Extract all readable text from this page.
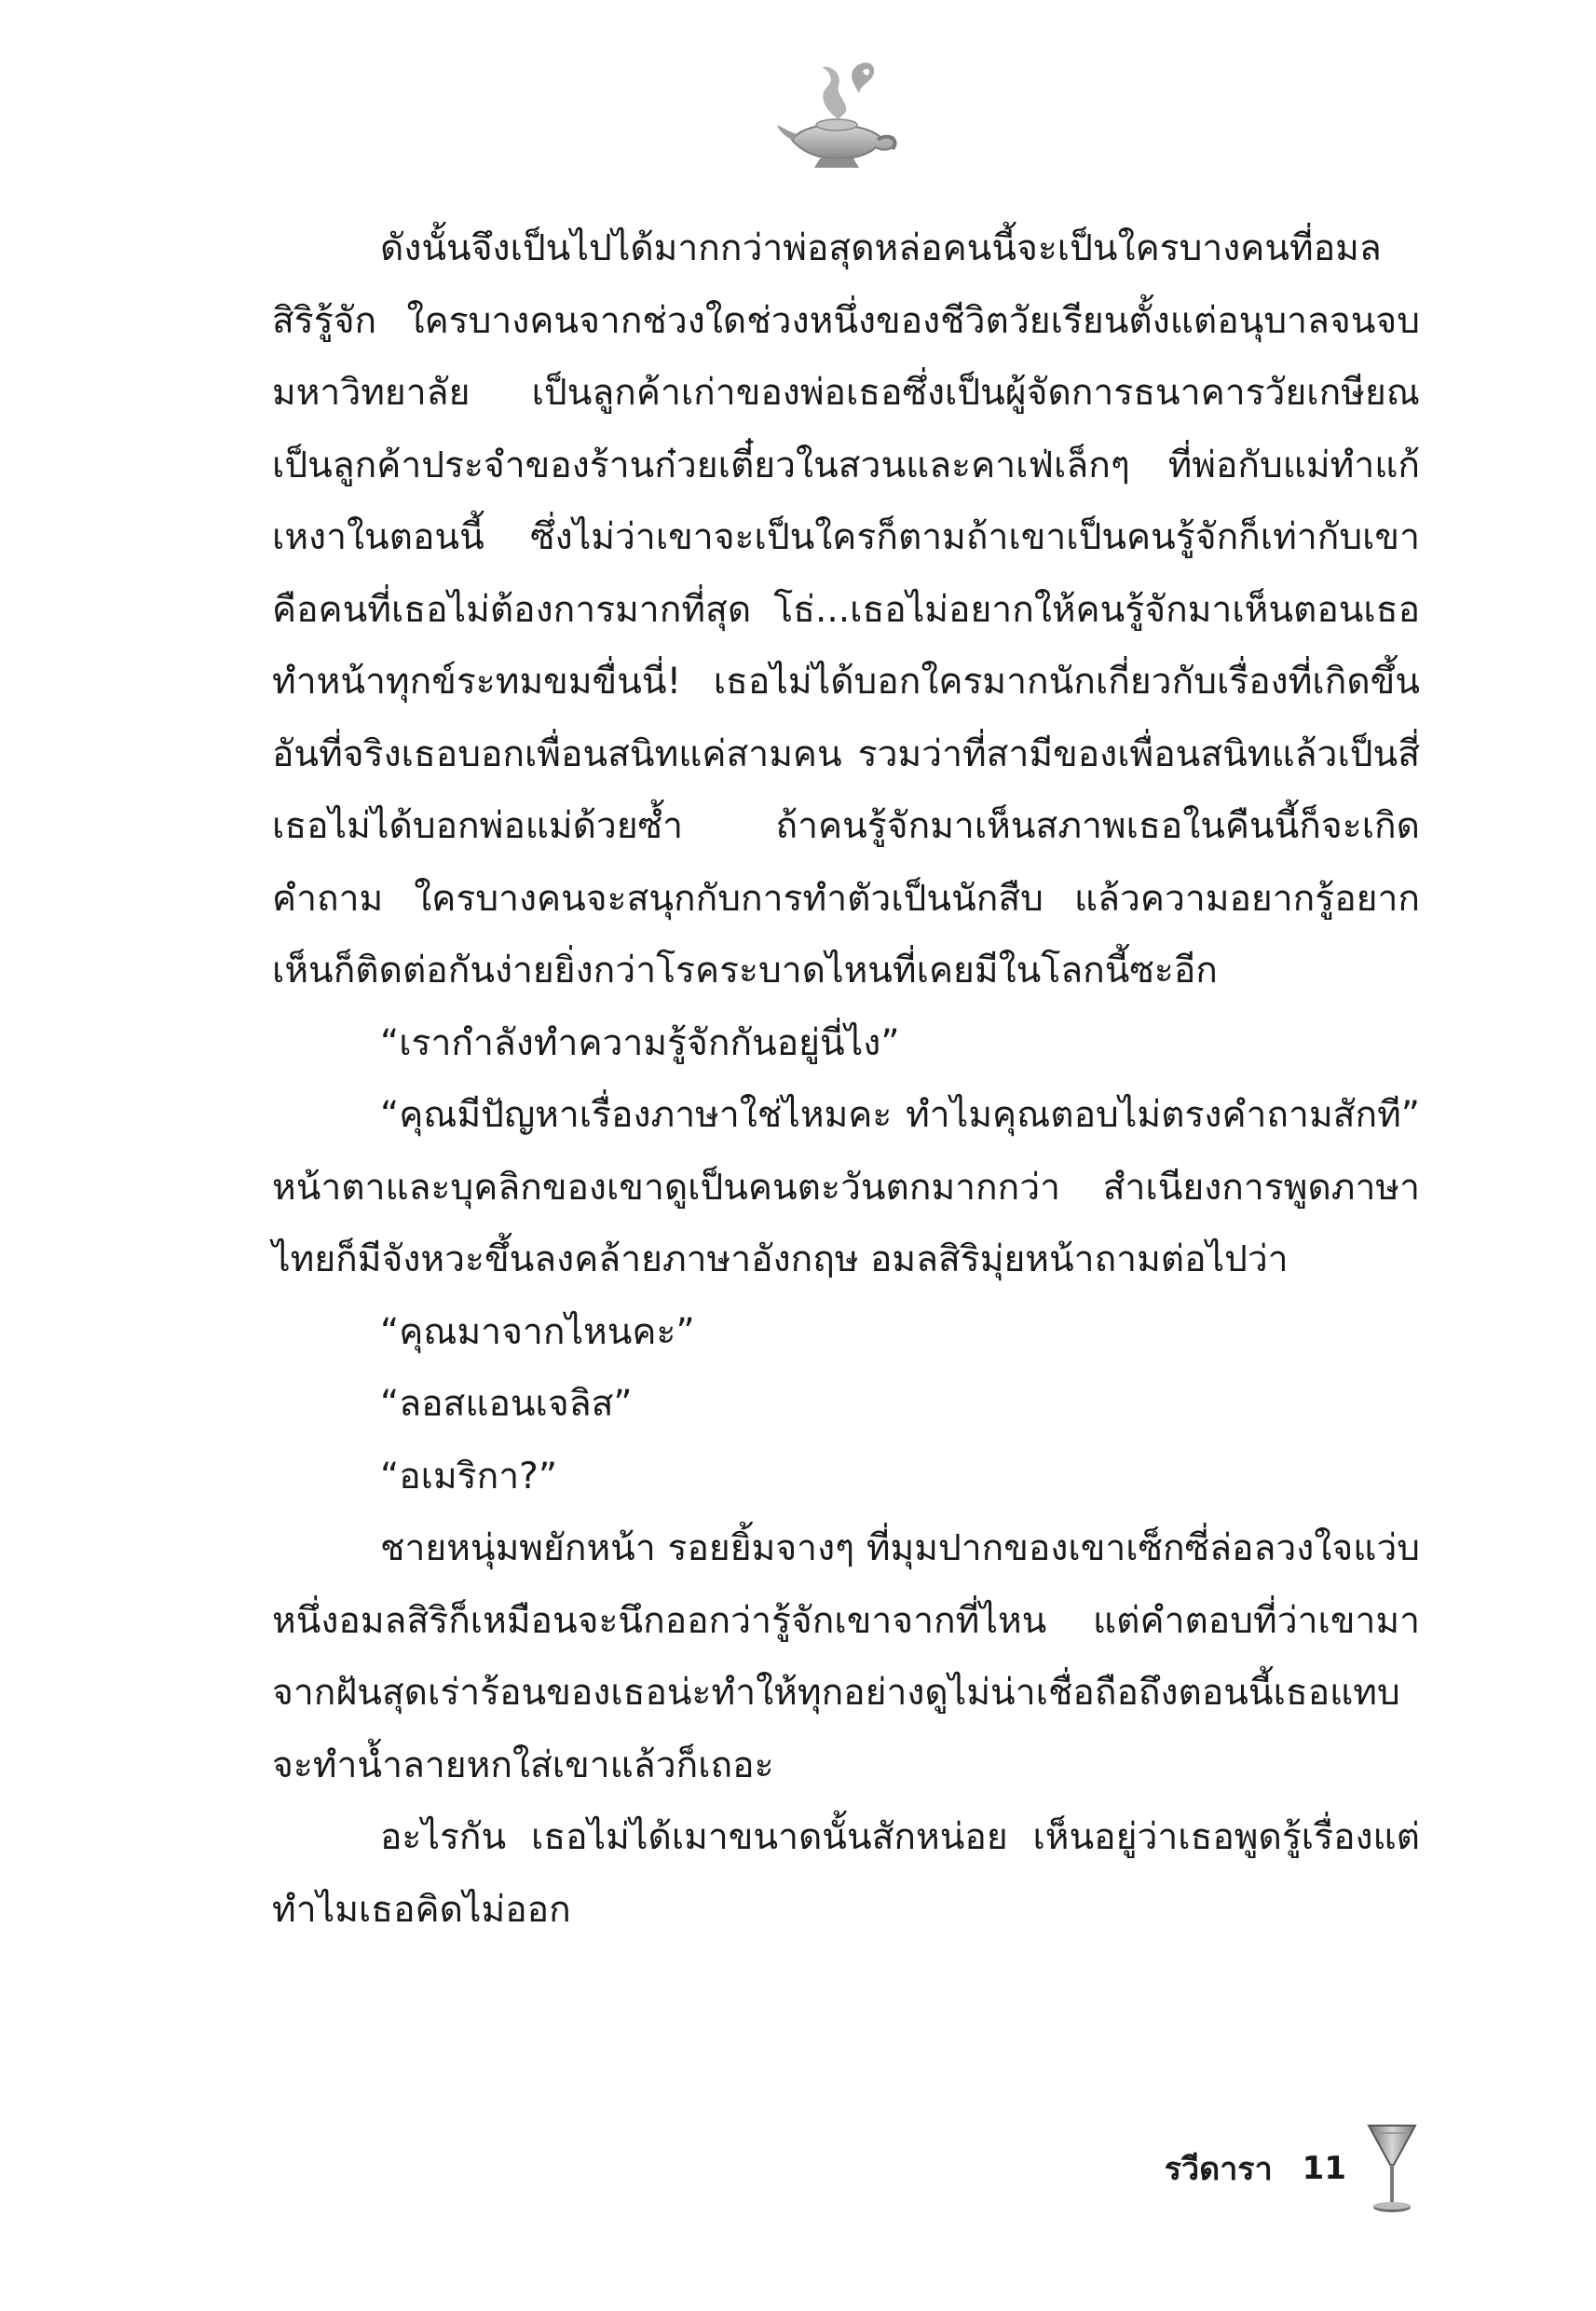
ดังนั้นจึงเป็นไปได้มากกว่าพ่อสุดหล่อคนนี้จะเป็นใครบางคนที่อมลสิริรู้จัก ใครบางคนจากช่วงใดช่วงหนึ่งของชีวิตวัยเรียนตั้งแต่อนุบาลจนจบมหาวิทยาลัย เป็นลูกค้าเก่าของพ่อเธอซึ่งเป็นผู้จัดการธนาคารวัยเกษียณ เป็นลูกค้าประจำของร้านก๋วยเตี๋ยวในสวนและคาเฟ่เล็กๆ ที่พ่อกับแม่ทำแก้เหงาในตอนนี้ ซึ่งไม่ว่าเขาจะเป็นใครก็ตามถ้าเขาเป็นคนรู้จักก็เท่ากับเขาคือคนที่เธอไม่ต้องการมากที่สุด โธ่...เธอไม่อยากให้คนรู้จักมาเห็นตอนเธอทำหน้าทุกข์ระทมขมขื่นนี่! เธอไม่ได้บอกใครมากนักเกี่ยวกับเรื่องที่เกิดขึ้น อันที่จริงเธอบอกเพื่อนสนิทแค่สามคน รวมว่าที่สามีของเพื่อนสนิทแล้วเป็นสี่ เธอไม่ได้บอกพ่อแม่ด้วยซ้ำ ถ้าคนรู้จักมาเห็นสภาพเธอในคืนนี้ก็จะเกิดคำถาม ใครบางคนจะสนุกกับการทำตัวเป็นนักสืบ แล้วความอยากรู้อยากเห็นก็ติดต่อกันง่ายยิ่งกว่าโรคระบาดไหนที่เคยมีในโลกนี้ซะอีก

“เรากำลังทำความรู้จักกันอยู่นี่ไง”

“คุณมีปัญหาเรื่องภาษาใช่ไหมคะ ทำไมคุณตอบไม่ตรงคำถามสักที” หน้าตาและบุคลิกของเขาดูเป็นคนตะวันตกมากกว่า สำเนียงการพูดภาษาไทยก็มีจังหวะขึ้นลงคล้ายภาษาอังกฤษ อมลสิริมุ่ยหน้าถามต่อไปว่า

“คุณมาจากไหนคะ”

“ลอสแอนเจลิส”

“อเมริกา?”

ชายหนุ่มพยักหน้า รอยยิ้มจางๆ ที่มุมปากของเขาเซ็กซี่ล่อลวงใจแว่บหนึ่งอมลสิริก็เหมือนจะนึกออกว่ารู้จักเขาจากที่ไหน แต่คำตอบที่ว่าเขามาจากฝันสุดเร่าร้อนของเธอน่ะทำให้ทุกอย่างดูไม่น่าเชื่อถือถึงตอนนี้เธอแทบจะทำน้ำลายหกใส่เขาแล้วก็เถอะ

อะไรกัน เธอไม่ได้เมาขนาดนั้นสักหน่อย เห็นอยู่ว่าเธอพูดรู้เรื่องแต่ทำไมเธอคิดไม่ออก

รวีดารา 11
